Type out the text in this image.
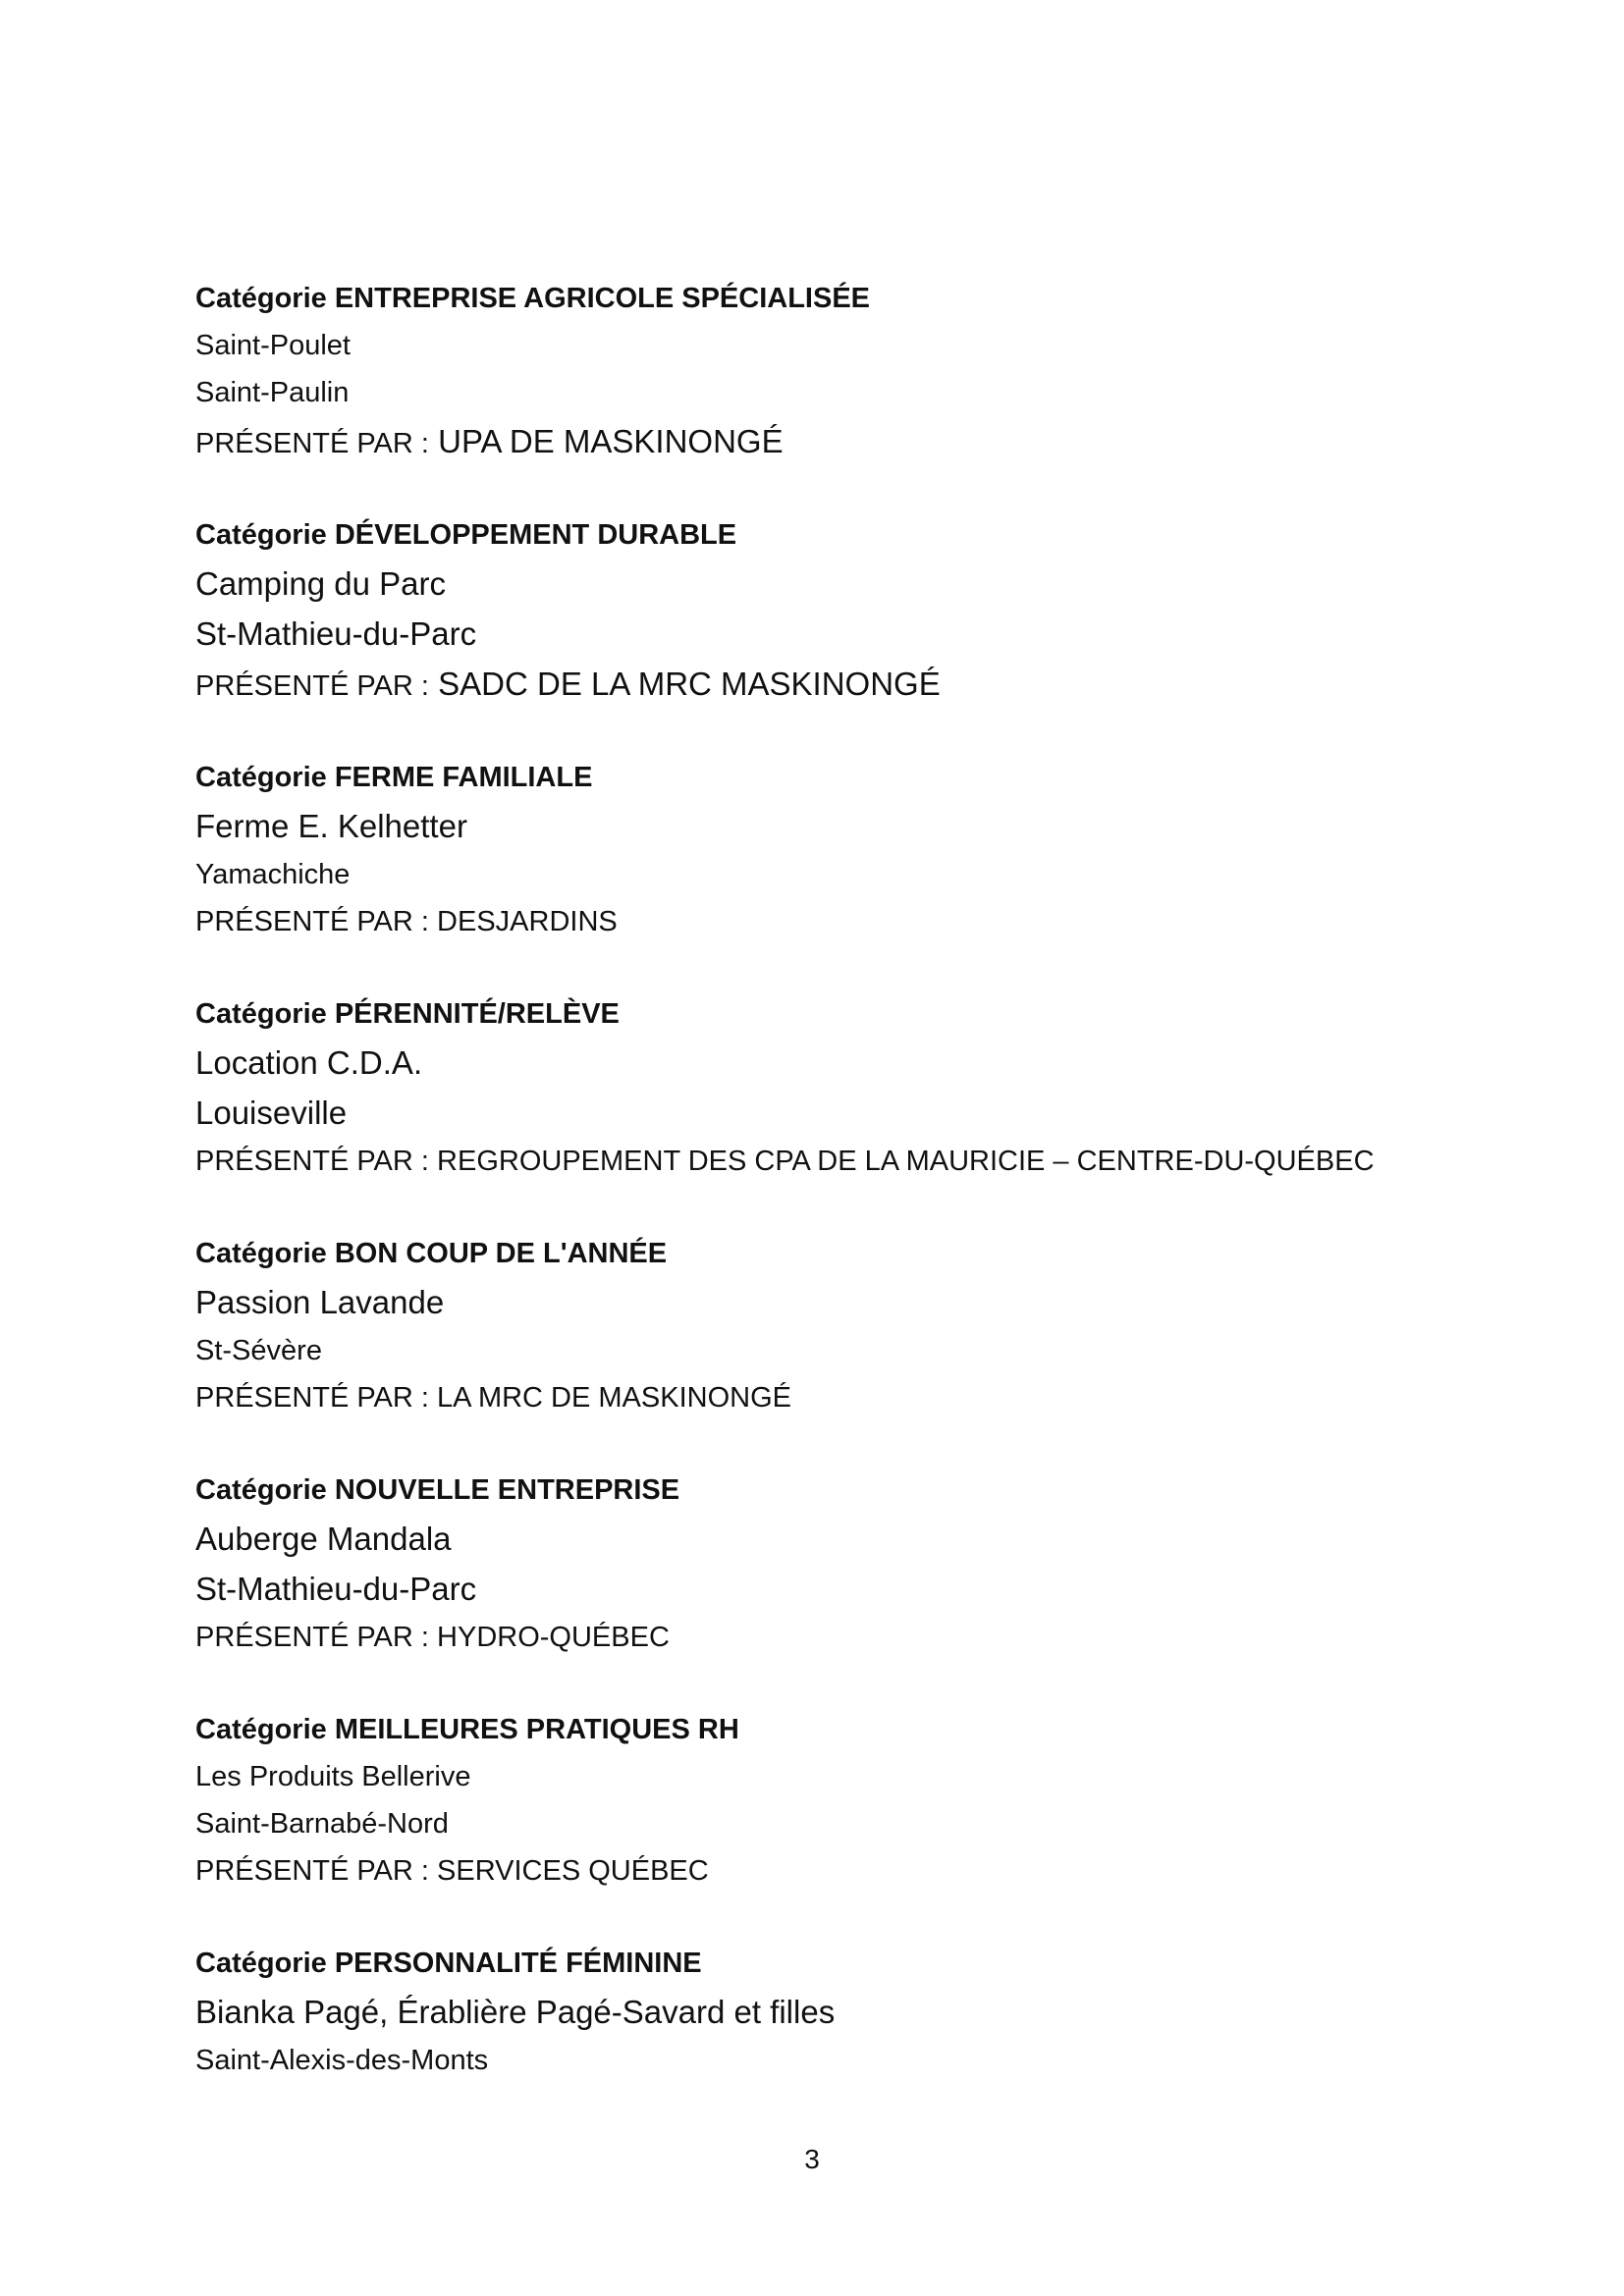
Catégorie ENTREPRISE AGRICOLE SPÉCIALISÉE

Saint-Poulet

Saint-Paulin

PRÉSENTÉ PAR : UPA DE MASKINONGÉ

Catégorie DÉVELOPPEMENT DURABLE

Camping du Parc

St-Mathieu-du-Parc

PRÉSENTÉ PAR : SADC DE LA MRC MASKINONGÉ

Catégorie FERME FAMILIALE

Ferme E. Kelhetter

Yamachiche

PRÉSENTÉ PAR : DESJARDINS

Catégorie PÉRENNITÉ/RELÈVE

Location C.D.A.

Louiseville

PRÉSENTÉ PAR : REGROUPEMENT DES CPA DE LA MAURICIE – CENTRE-DU-QUÉBEC

Catégorie BON COUP DE L'ANNÉE

Passion Lavande

St-Sévère

PRÉSENTÉ PAR : LA MRC DE MASKINONGÉ

Catégorie NOUVELLE ENTREPRISE

Auberge Mandala

St-Mathieu-du-Parc

PRÉSENTÉ PAR : HYDRO-QUÉBEC

Catégorie MEILLEURES PRATIQUES RH

Les Produits Bellerive

Saint-Barnabé-Nord

PRÉSENTÉ PAR : SERVICES QUÉBEC

Catégorie PERSONNALITÉ FÉMININE

Bianka Pagé, Érablière Pagé-Savard et filles

Saint-Alexis-des-Monts

3
